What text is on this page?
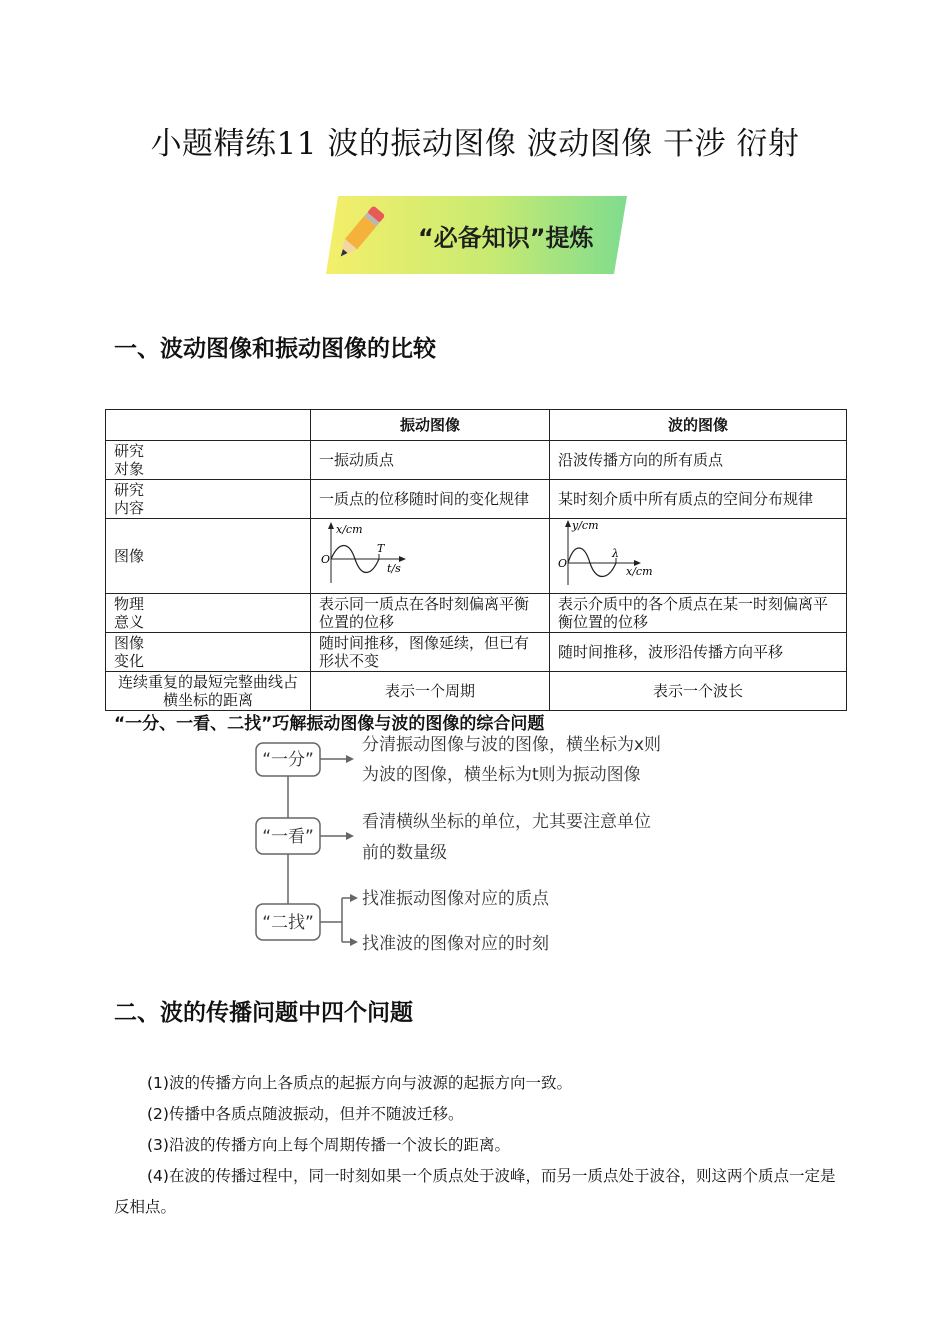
小题精练11 波的振动图像 波动图像 干涉 衍射
“必备知识”提炼
一、波动图像和振动图像的比较
	振动图像	波的图像
研究
对象	一振动质点	沿波传播方向的所有质点
研究
内容	一质点的位移随时间的变化规律	某时刻介质中所有质点的空间分布规律
图像	x/cm
O
T
t/s	y/cm
O
λ
x/cm

物理
意义	表示同一质点在各时刻偏离平衡位置的位移	表示介质中的各个质点在某一时刻偏离平衡位置的位移
图像
变化	随时间推移，图像延续，但已有形状不变	随时间推移，波形沿传播方向平移
连续重复的最短完整曲线占横坐标的距离	表示一个周期	表示一个波长
“一分、一看、二找”巧解振动图像与波的图像的综合问题
“一分”
“一看”
“二找”
分清振动图像与波的图像，横坐标为x则
为波的图像，横坐标为t则为振动图像
看清横纵坐标的单位，尤其要注意单位
前的数量级
找准振动图像对应的质点
找准波的图像对应的时刻
二、波的传播问题中四个问题
(1)波的传播方向上各质点的起振方向与波源的起振方向一致。
(2)传播中各质点随波振动，但并不随波迁移。
(3)沿波的传播方向上每个周期传播一个波长的距离。
(4)在波的传播过程中，同一时刻如果一个质点处于波峰，而另一质点处于波谷，则这两个质点一定是反相点。
